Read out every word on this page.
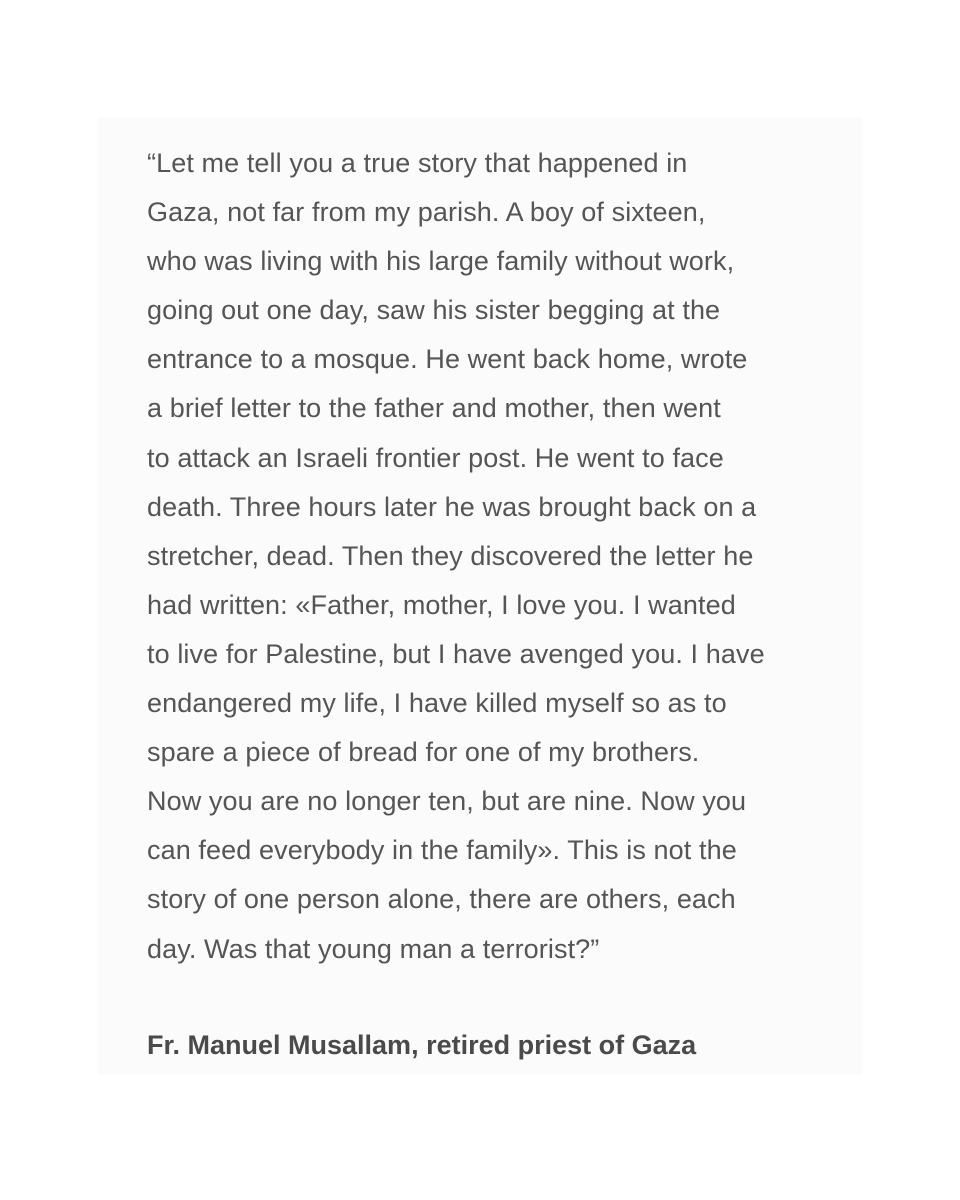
“Let me tell you a true story that happened in
Gaza, not far from my parish. A boy of sixteen,
who was living with his large family without work,
going out one day, saw his sister begging at the
entrance to a mosque. He went back home, wrote
a brief letter to the father and mother, then went
to attack an Israeli frontier post. He went to face
death. Three hours later he was brought back on a
stretcher, dead. Then they discovered the letter he
had written: «Father, mother, I love you. I wanted
to live for Palestine, but I have avenged you. I have
endangered my life, I have killed myself so as to
spare a piece of bread for one of my brothers.
Now you are no longer ten, but are nine. Now you
can feed everybody in the family». This is not the
story of one person alone, there are others, each
day. Was that young man a terrorist?”

Fr. Manuel Musallam, retired priest of Gaza
